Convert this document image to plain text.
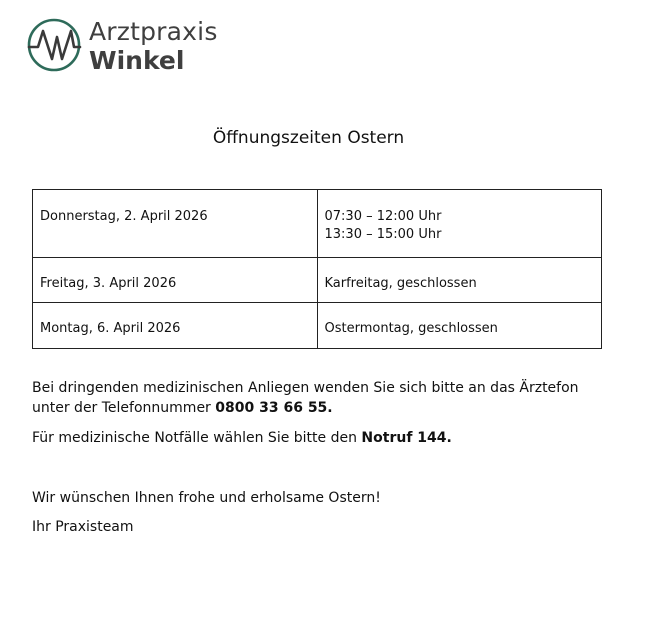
Arztpraxis
Winkel
Öffnungszeiten Ostern
Donnerstag, 2. April 2026	07:30 – 12:00 Uhr
13:30 – 15:00 Uhr

Freitag, 3. April 2026	Karfreitag, geschlossen

Montag, 6. April 2026	Ostermontag, geschlossen
Bei dringenden medizinischen Anliegen wenden Sie sich bitte an das Ärztefon
unter der Telefonnummer 0800 33 66 55.
Für medizinische Notfälle wählen Sie bitte den Notruf 144.
Wir wünschen Ihnen frohe und erholsame Ostern!
Ihr Praxisteam
